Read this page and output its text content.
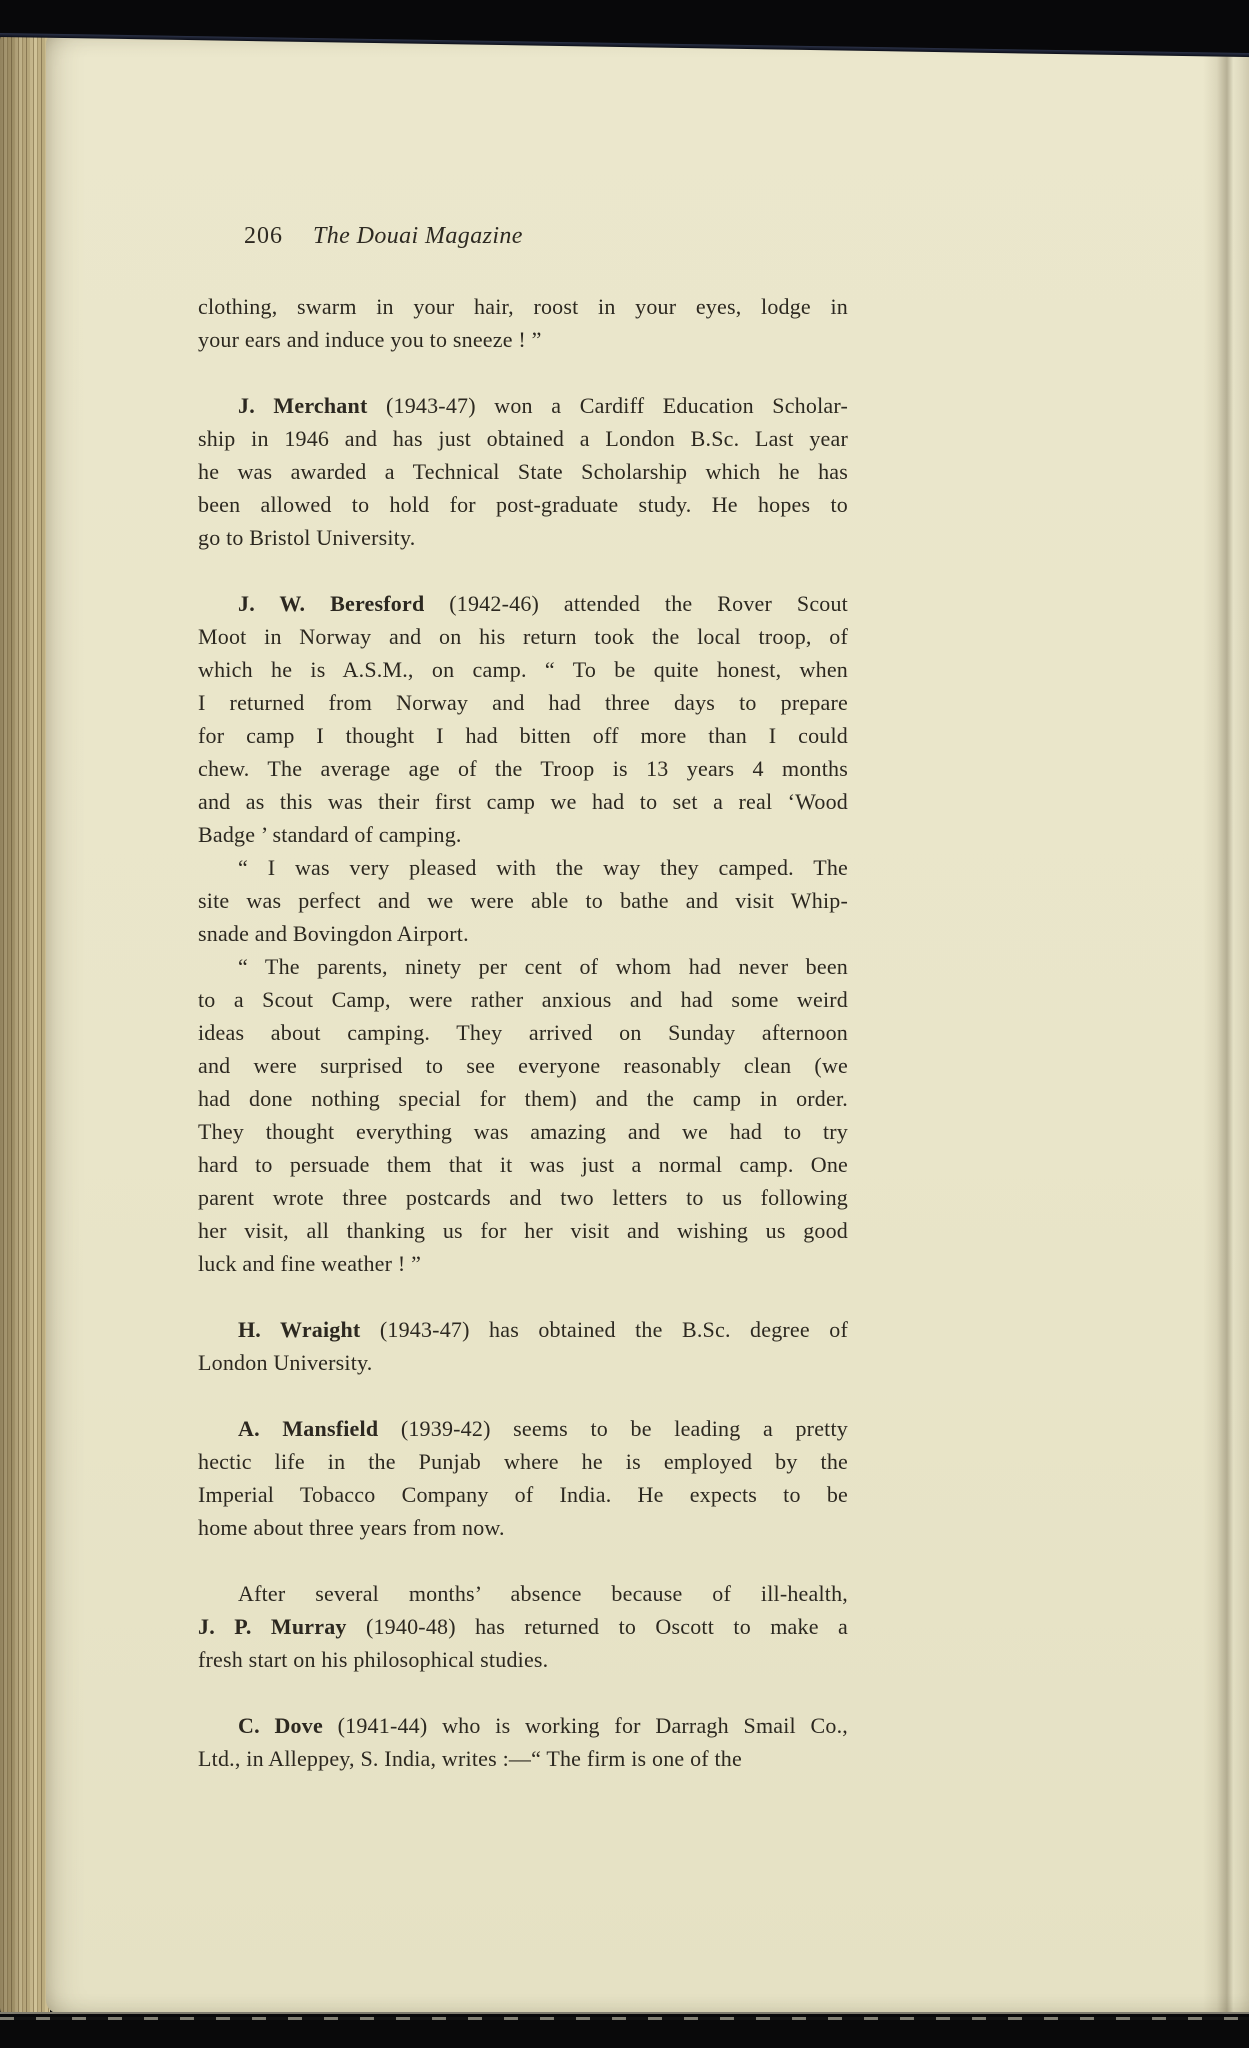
206 The Douai Magazine
clothing, swarm in your hair, roost in your eyes, lodge in
your ears and induce you to sneeze ! ”
J. Merchant (1943-47) won a Cardiff Education Scholar-
ship in 1946 and has just obtained a London B.Sc. Last year
he was awarded a Technical State Scholarship which he has
been allowed to hold for post-graduate study. He hopes to
go to Bristol University.
J. W. Beresford (1942-46) attended the Rover Scout
Moot in Norway and on his return took the local troop, of
which he is A.S.M., on camp. “ To be quite honest, when
I returned from Norway and had three days to prepare
for camp I thought I had bitten off more than I could
chew. The average age of the Troop is 13 years 4 months
and as this was their first camp we had to set a real ‘Wood
Badge ’ standard of camping.
“ I was very pleased with the way they camped. The
site was perfect and we were able to bathe and visit Whip-
snade and Bovingdon Airport.
“ The parents, ninety per cent of whom had never been
to a Scout Camp, were rather anxious and had some weird
ideas about camping. They arrived on Sunday afternoon
and were surprised to see everyone reasonably clean (we
had done nothing special for them) and the camp in order.
They thought everything was amazing and we had to try
hard to persuade them that it was just a normal camp. One
parent wrote three postcards and two letters to us following
her visit, all thanking us for her visit and wishing us good
luck and fine weather ! ”
H. Wraight (1943-47) has obtained the B.Sc. degree of
London University.
A. Mansfield (1939-42) seems to be leading a pretty
hectic life in the Punjab where he is employed by the
Imperial Tobacco Company of India. He expects to be
home about three years from now.
After several months’ absence because of ill-health,
J. P. Murray (1940-48) has returned to Oscott to make a
fresh start on his philosophical studies.
C. Dove (1941-44) who is working for Darragh Smail Co.,
Ltd., in Alleppey, S. India, writes :—“ The firm is one of the
